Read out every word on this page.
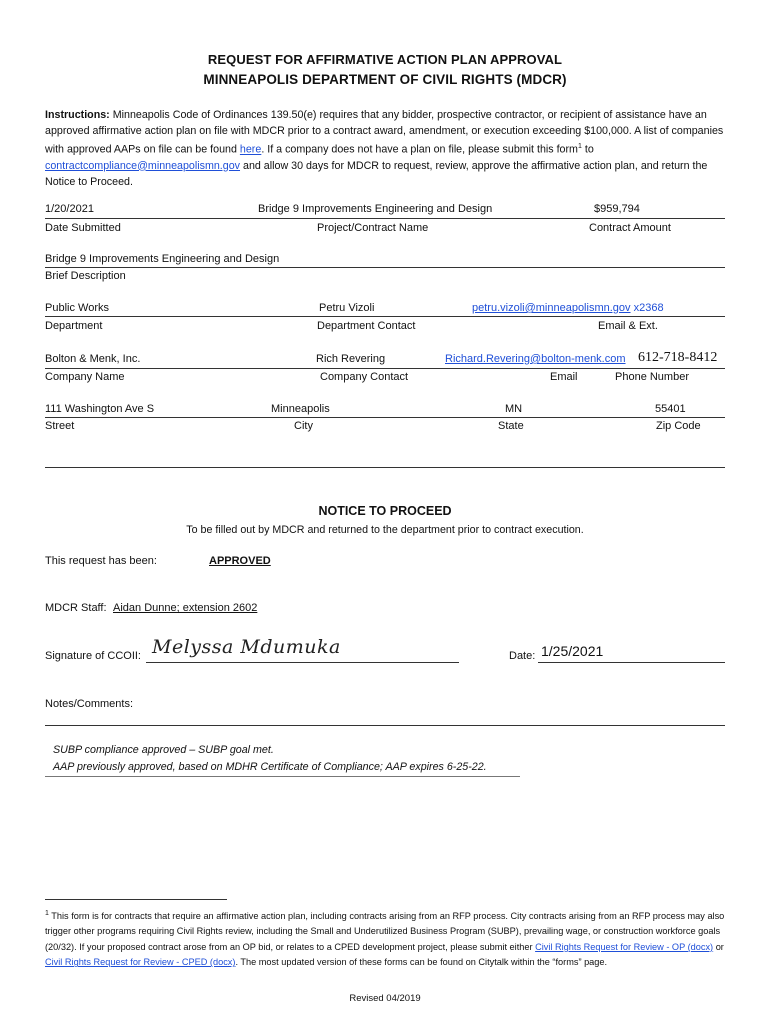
REQUEST FOR AFFIRMATIVE ACTION PLAN APPROVAL
MINNEAPOLIS DEPARTMENT OF CIVIL RIGHTS (MDCR)
Instructions: Minneapolis Code of Ordinances 139.50(e) requires that any bidder, prospective contractor, or recipient of assistance have an approved affirmative action plan on file with MDCR prior to a contract award, amendment, or execution exceeding $100,000. A list of companies with approved AAPs on file can be found here. If a company does not have a plan on file, please submit this form$^1$ to contractcompliance@minneapolismn.gov and allow 30 days for MDCR to request, review, approve the affirmative action plan, and return the Notice to Proceed.
1/20/2021	Bridge 9 Improvements Engineering and Design	$959,794
Date Submitted	Project/Contract Name	Contract Amount
Bridge 9 Improvements Engineering and Design
Brief Description
Public Works	Petru Vizoli	petru.vizoli@minneapolismn.gov x2368
Department	Department Contact	Email & Ext.
Bolton & Menk, Inc.	Rich Revering	Richard.Revering@bolton-menk.com 612-718-8412
Company Name	Company Contact	Email	Phone Number
111 Washington Ave S	Minneapolis	MN	55401
Street	City	State	Zip Code
NOTICE TO PROCEED
To be filled out by MDCR and returned to the department prior to contract execution.
This request has been:	APPROVED
MDCR Staff: Aidan Dunne; extension 2602
Signature of CCOII: Melyssa Mdumuka	Date: 1/25/2021
Notes/Comments:
SUBP compliance approved – SUBP goal met.
AAP previously approved, based on MDHR Certificate of Compliance; AAP expires 6-25-22.
$^1$ This form is for contracts that require an affirmative action plan, including contracts arising from an RFP process. City contracts arising from an RFP process may also trigger other programs requiring Civil Rights review, including the Small and Underutilized Business Program (SUBP), prevailing wage, or construction workforce goals (20/32). If your proposed contract arose from an OP bid, or relates to a CPED development project, please submit either Civil Rights Request for Review - OP (docx) or Civil Rights Request for Review - CPED (docx). The most updated version of these forms can be found on Citytalk within the “forms” page.
Revised 04/2019
